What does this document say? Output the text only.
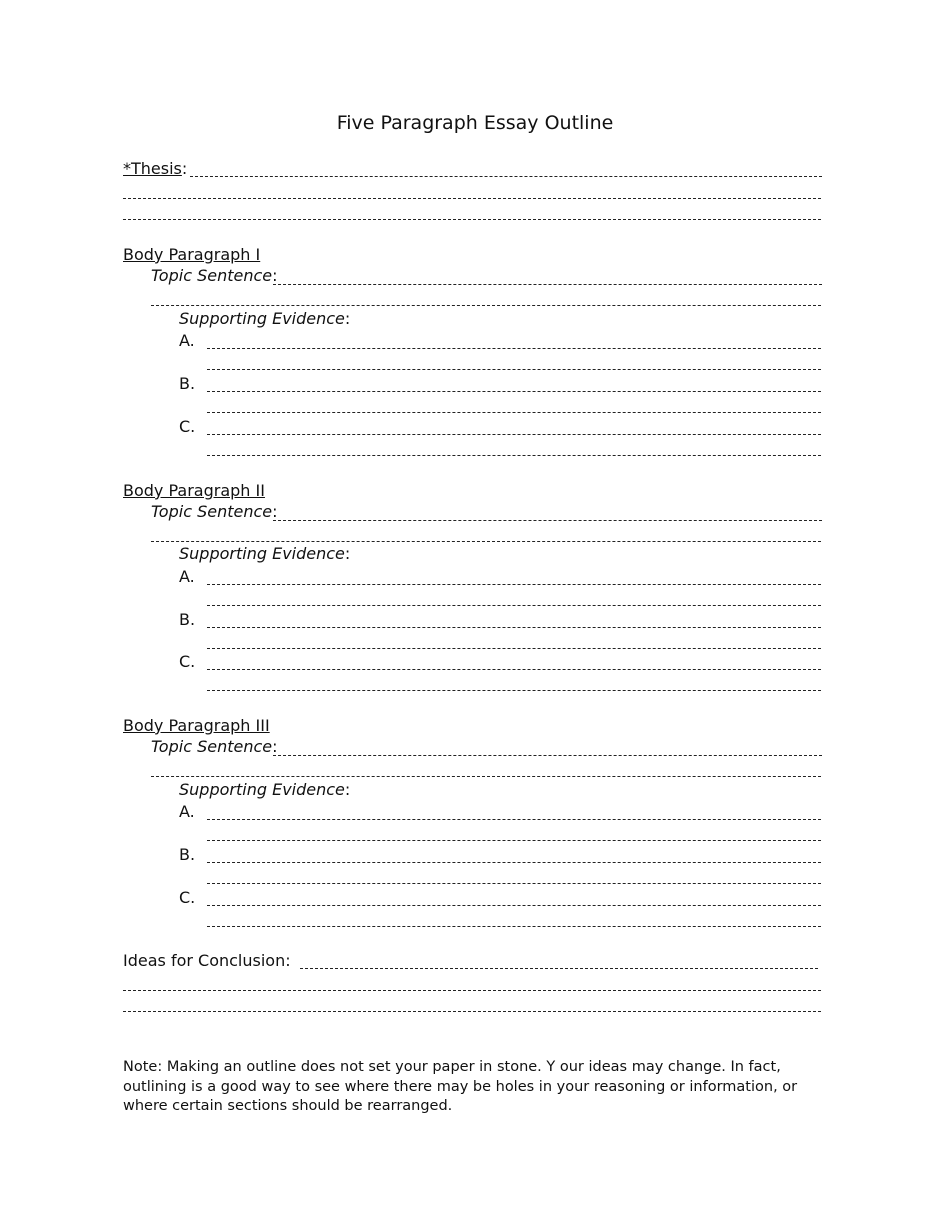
Five Paragraph Essay Outline
*Thesis:
Body Paragraph I
Topic Sentence:
Supporting Evidence:
A.
B.
C.
Body Paragraph II
Topic Sentence:
Supporting Evidence:
A.
B.
C.
Body Paragraph III
Topic Sentence:
Supporting Evidence:
A.
B.
C.
Ideas for Conclusion:

Note: Making an outline does not set your paper in stone. Y our ideas may change. In fact, outlining is a good way to see where there may be holes in your reasoning or information, or where certain sections should be rearranged.
